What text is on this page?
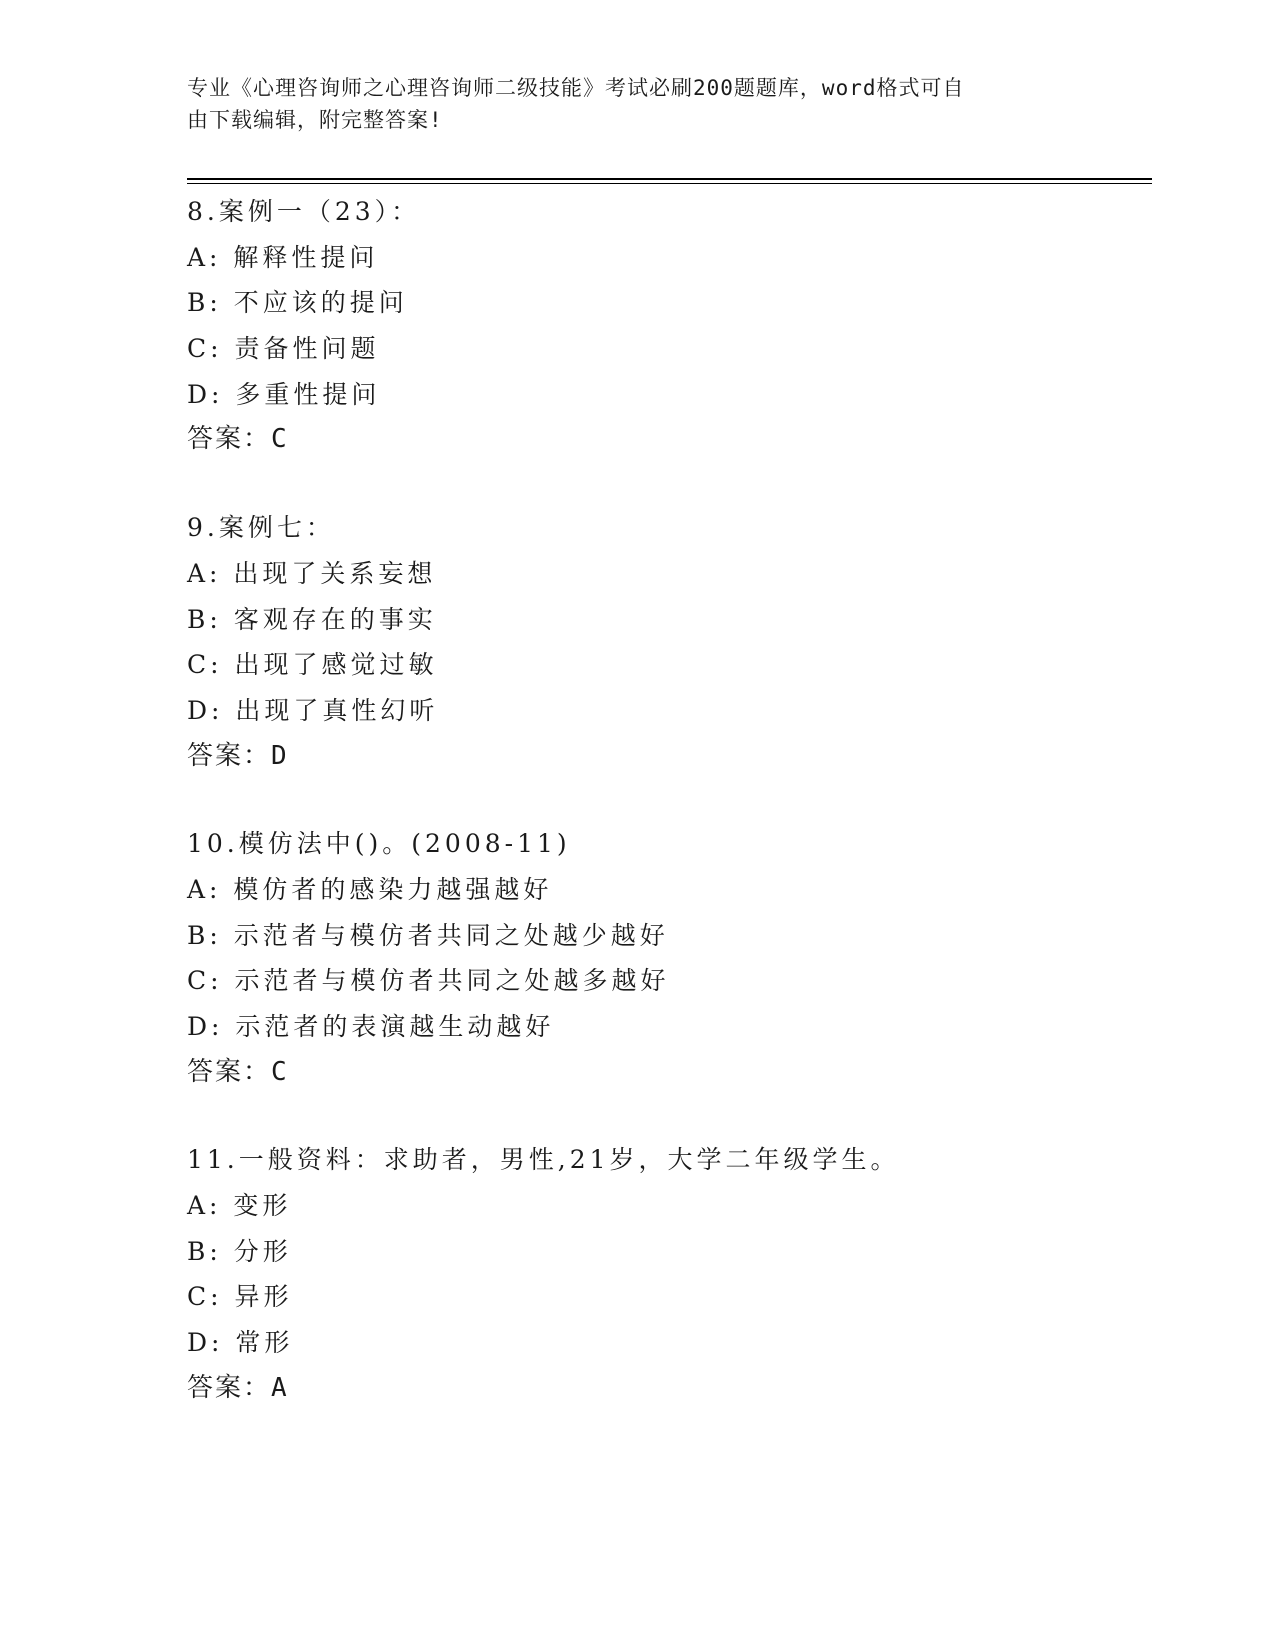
专业《心理咨询师之心理咨询师二级技能》考试必刷200题题库，word格式可自
由下载编辑，附完整答案!
8.案例一（23）：
A: 解释性提问
B: 不应该的提问
C: 责备性问题
D: 多重性提问
答案：C
9.案例七：
A: 出现了关系妄想
B: 客观存在的事实
C: 出现了感觉过敏
D: 出现了真性幻听
答案：D
10.模仿法中()。(2008-11)
A: 模仿者的感染力越强越好
B: 示范者与模仿者共同之处越少越好
C: 示范者与模仿者共同之处越多越好
D: 示范者的表演越生动越好
答案：C
11.一般资料：求助者，男性,21岁，大学二年级学生。
A: 变形
B: 分形
C: 异形
D: 常形
答案：A
